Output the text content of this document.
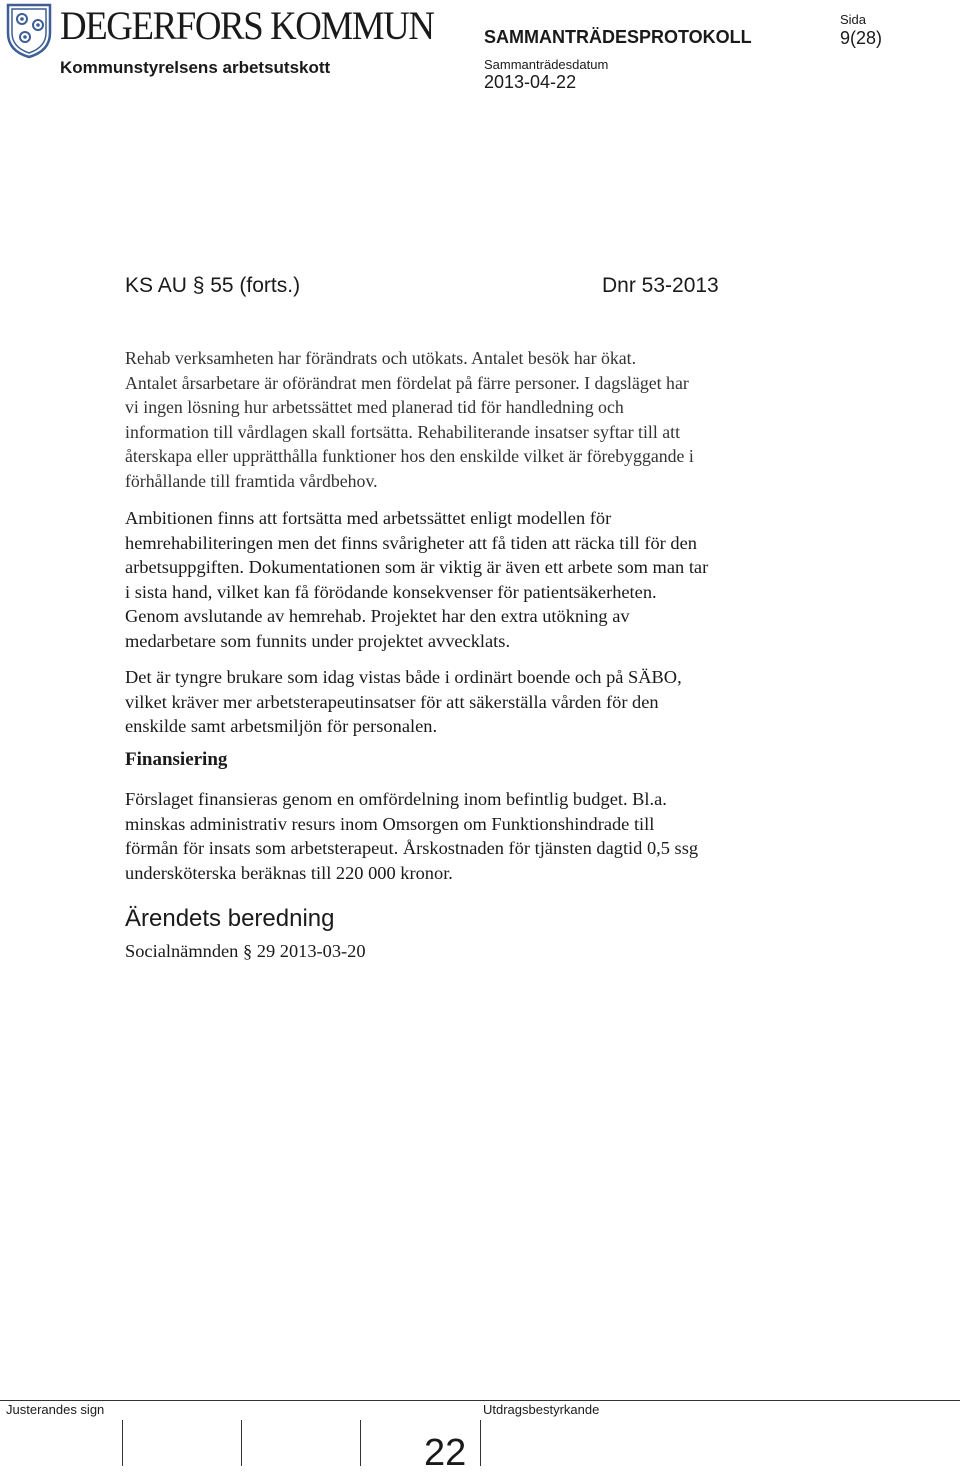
DEGERFORS KOMMUN
Kommunstyrelsens arbetsutskott
SAMMANTRÄDESPROTOKOLL
Sammanträdesdatum
2013-04-22
Sida
9(28)
KS AU § 55 (forts.)	Dnr 53-2013

Rehab verksamheten har förändrats och utökats. Antalet besök har ökat.
Antalet årsarbetare är oförändrat men fördelat på färre personer. I dagsläget har
vi ingen lösning hur arbetssättet med planerad tid för handledning och
information till vårdlagen skall fortsätta. Rehabiliterande insatser syftar till att
återskapa eller upprätthålla funktioner hos den enskilde vilket är förebyggande i
förhållande till framtida vårdbehov.

Ambitionen finns att fortsätta med arbetssättet enligt modellen för
hemrehabiliteringen men det finns svårigheter att få tiden att räcka till för den
arbetsuppgiften. Dokumentationen som är viktig är även ett arbete som man tar
i sista hand, vilket kan få förödande konsekvenser för patientsäkerheten.
Genom avslutande av hemrehab. Projektet har den extra utökning av
medarbetare som funnits under projektet avvecklats.

Det är tyngre brukare som idag vistas både i ordinärt boende och på SÄBO,
vilket kräver mer arbetsterapeutinsatser för att säkerställa vården för den
enskilde samt arbetsmiljön för personalen.

Finansiering

Förslaget finansieras genom en omfördelning inom befintlig budget. Bl.a.
minskas administrativ resurs inom Omsorgen om Funktionshindrade till
förmån för insats som arbetsterapeut. Årskostnaden för tjänsten dagtid 0,5 ssg
undersköterska beräknas till 220 000 kronor.

Ärendets beredning
Socialnämnden § 29 2013-03-20
Justerandes sign	Utdragsbestyrkande
22
